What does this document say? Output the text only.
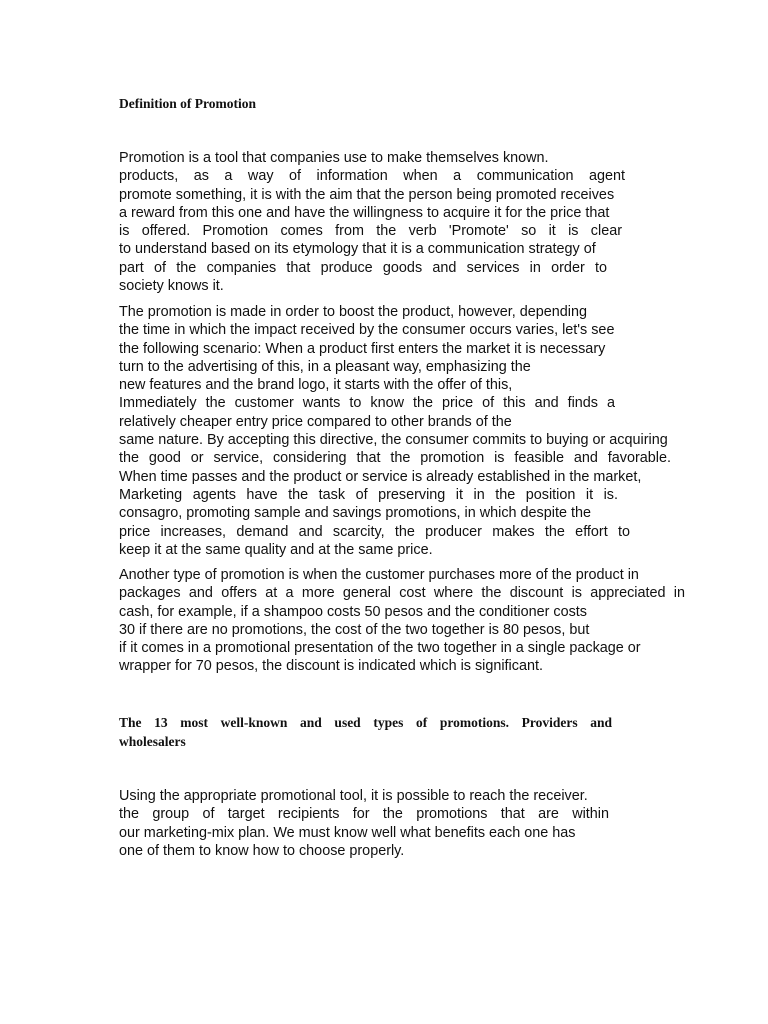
Definition of Promotion

Promotion is a tool that companies use to make themselves known.
products, as a way of information when a communication agent
promote something, it is with the aim that the person being promoted receives
a reward from this one and have the willingness to acquire it for the price that
is offered. Promotion comes from the verb 'Promote' so it is clear
to understand based on its etymology that it is a communication strategy of
part of the companies that produce goods and services in order to
society knows it.

The promotion is made in order to boost the product, however, depending
the time in which the impact received by the consumer occurs varies, let's see
the following scenario: When a product first enters the market it is necessary
turn to the advertising of this, in a pleasant way, emphasizing the
new features and the brand logo, it starts with the offer of this,
Immediately the customer wants to know the price of this and finds a
relatively cheaper entry price compared to other brands of the
same nature. By accepting this directive, the consumer commits to buying or acquiring
the good or service, considering that the promotion is feasible and favorable.
When time passes and the product or service is already established in the market,
Marketing agents have the task of preserving it in the position it is.
consagro, promoting sample and savings promotions, in which despite the
price increases, demand and scarcity, the producer makes the effort to
keep it at the same quality and at the same price.

Another type of promotion is when the customer purchases more of the product in
packages and offers at a more general cost where the discount is appreciated in
cash, for example, if a shampoo costs 50 pesos and the conditioner costs
30 if there are no promotions, the cost of the two together is 80 pesos, but
if it comes in a promotional presentation of the two together in a single package or
wrapper for 70 pesos, the discount is indicated which is significant.

The 13 most well-known and used types of promotions. Providers and
wholesalers

Using the appropriate promotional tool, it is possible to reach the receiver.
the group of target recipients for the promotions that are within
our marketing-mix plan. We must know well what benefits each one has
one of them to know how to choose properly.
